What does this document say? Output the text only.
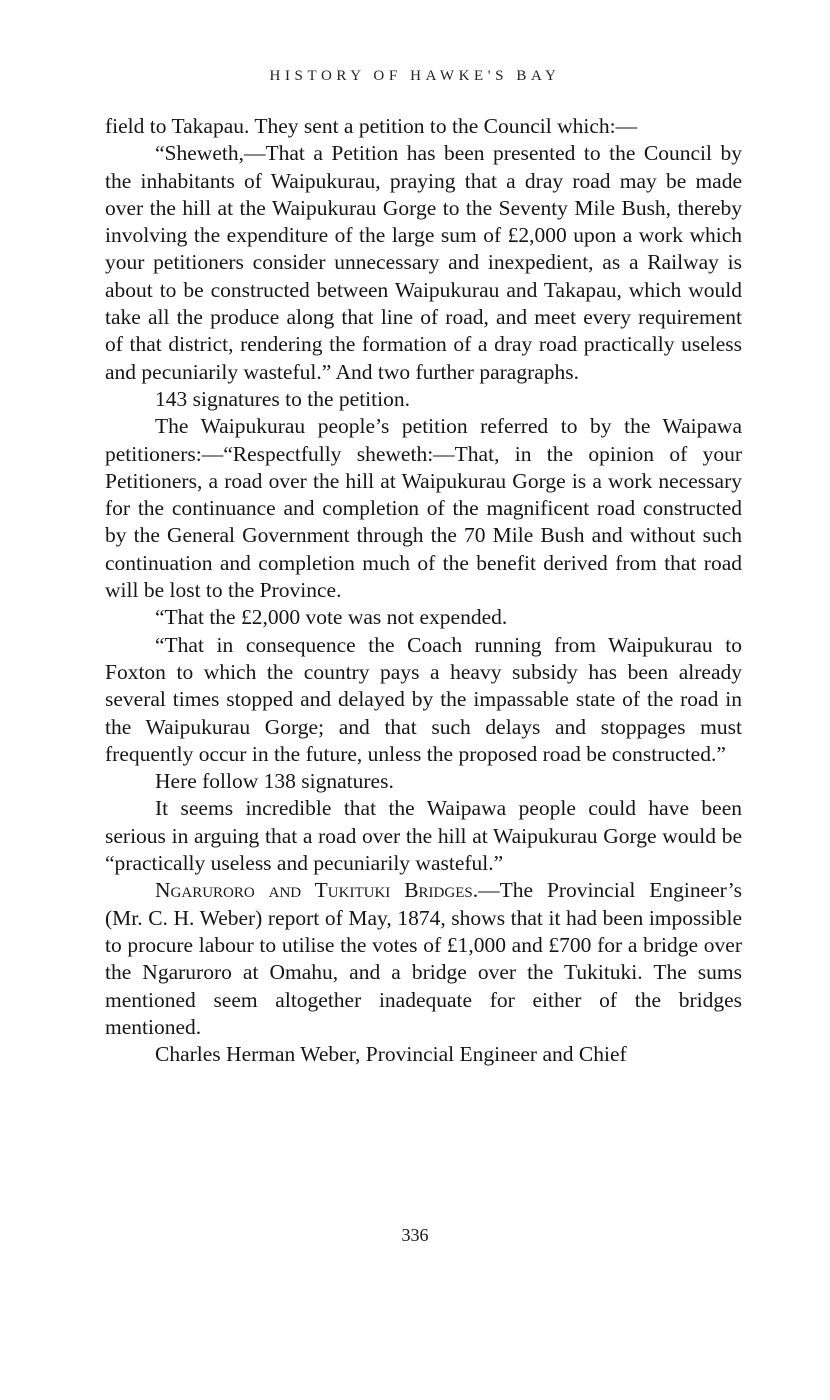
HISTORY OF HAWKE'S BAY

field to Takapau. They sent a petition to the Council which:—

“Sheweth,—That a Petition has been presented to the Council by the inhabitants of Waipukurau, praying that a dray road may be made over the hill at the Waipukurau Gorge to the Seventy Mile Bush, thereby involving the expenditure of the large sum of £2,000 upon a work which your petitioners consider unnecessary and inexpedient, as a Railway is about to be constructed between Waipukurau and Takapau, which would take all the produce along that line of road, and meet every requirement of that district, rendering the formation of a dray road practically useless and pecuniarily wasteful.” And two further paragraphs.

143 signatures to the petition.

The Waipukurau people’s petition referred to by the Waipawa petitioners:—“Respectfully sheweth:—That, in the opinion of your Petitioners, a road over the hill at Waipukurau Gorge is a work necessary for the continuance and completion of the magnificent road constructed by the General Government through the 70 Mile Bush and without such continuation and completion much of the benefit derived from that road will be lost to the Province.

“That the £2,000 vote was not expended.

“That in consequence the Coach running from Waipukurau to Foxton to which the country pays a heavy subsidy has been already several times stopped and delayed by the impassable state of the road in the Waipukurau Gorge; and that such delays and stoppages must frequently occur in the future, unless the proposed road be constructed.”

Here follow 138 signatures.

It seems incredible that the Waipawa people could have been serious in arguing that a road over the hill at Waipukurau Gorge would be “practically useless and pecuniarily wasteful.”

Ngaruroro and Tukituki Bridges.—The Provincial Engineer’s (Mr. C. H. Weber) report of May, 1874, shows that it had been impossible to procure labour to utilise the votes of £1,000 and £700 for a bridge over the Ngaruroro at Omahu, and a bridge over the Tukituki. The sums mentioned seem altogether inadequate for either of the bridges mentioned.

Charles Herman Weber, Provincial Engineer and Chief

336
